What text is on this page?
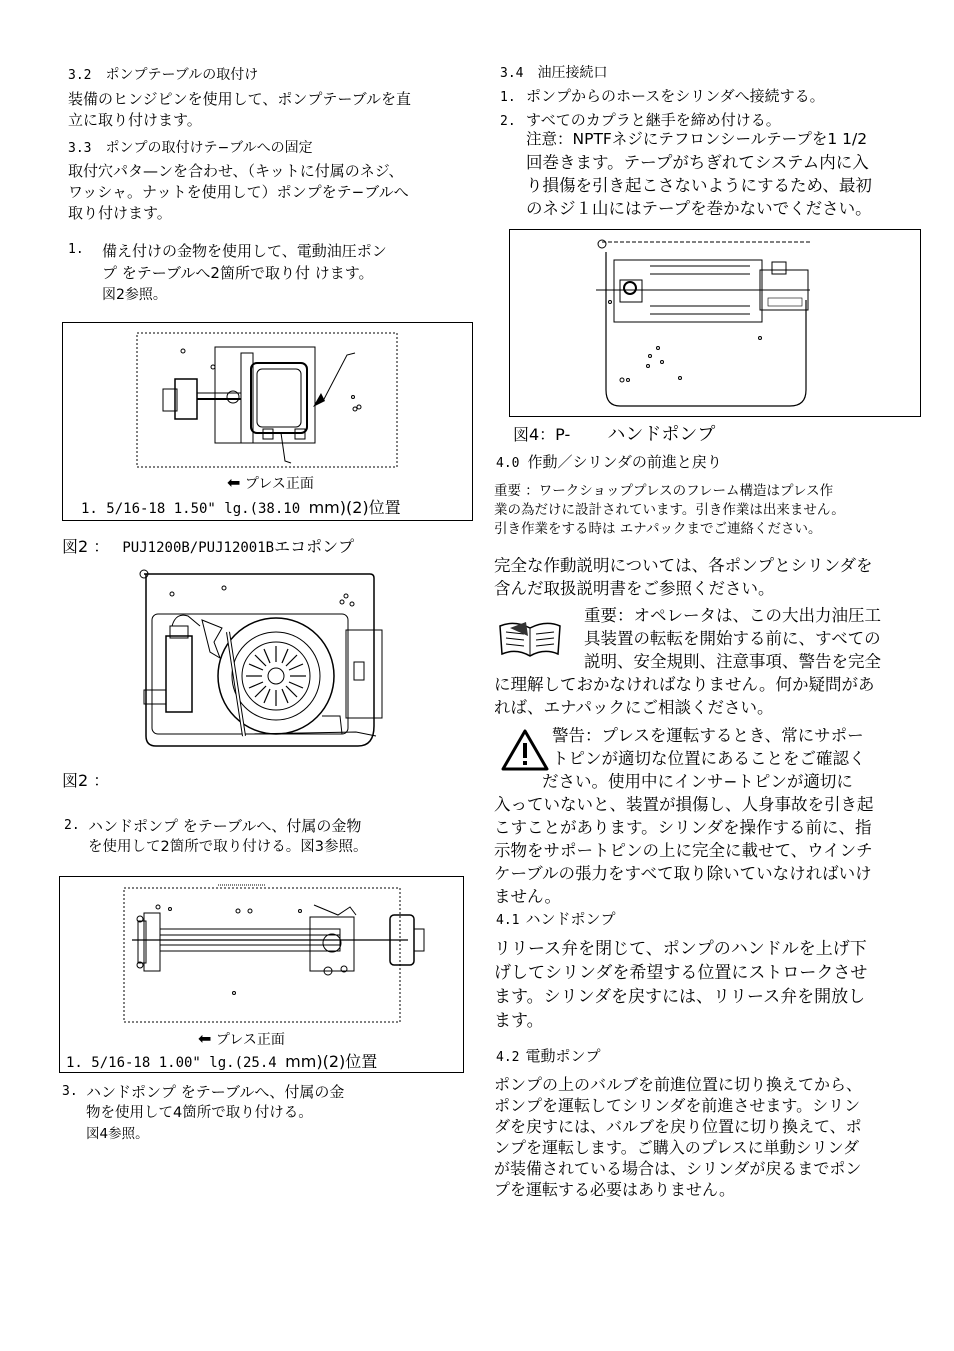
3.2 ポンプテーブルの取付け
装備のヒンジピンを使用して、ポンプテーブルを直
立に取り付けます。
3.3 ポンプの取付けテ−ブルへの固定
取付穴パタ—ンを合わせ、（キットに付属のネジ、
ワッシャ。ナットを使用して）ポンプをテ−ブルへ
取り付けます。
1. 備え付けの金物を使用して、電動油圧ポン
プ をテーブルへ2箇所で取り付 けます。
図2参照。
⬅ プレス正面
1. 5/16-18 1.50" lg.(38.10 mm)(2)位置
図2 ： PUJ1200B/PUJ12001Bエコポンプ
図2 ：
2. ハンドポンプ をテーブルへ、付属の金物
を使用して2箇所で取り付ける。図3参照。
⬅ プレス正面
1. 5/16-18 1.00" lg.(25.4 mm)(2)位置
3. ハンドポンプ をテーブルへ、付属の金
物を使用して4箇所で取り付ける。
図4参照。
3.4 油圧接続口
1. ポンプからのホースをシリンダへ接続する。
2. すべてのカプラと継手を締め付ける。
注意：NPTFネジにテフロンシールテープを1 1/2
回巻きます。テープがちぎれてシステム内に入
り損傷を引き起こさないようにするため、最初
のネジ１山にはテープを巻かないでください。
図4：P- ハンドポンプ
4.0 作動／シリンダの前進と戻り
重要 ：ワークショッププレスのフレーム構造はプレス作
業の為だけに設計されています。引き作業は出来ません。
引き作業をする時は エナパックまでご連絡ください。
完全な作動説明については、各ポンプとシリンダを
含んだ取扱説明書をご参照ください。
重要：オペレータは、この大出力油圧工
具装置の転転を開始する前に、すべての
説明、安全規則、注意事項、警告を完全
に理解しておかなければなりません。何か疑問があ
れば、エナパックにご相談ください。
警告：プレスを運転するとき、常にサポー
トピンが適切な位置にあることをご確認く
ださい。使用中にインサ−トピンが適切に
入っていないと、装置が損傷し、人身事故を引き起
こすことがあります。シリンダを操作する前に、指
示物をサポートピンの上に完全に載せて、ウインチ
ケーブルの張力をすべて取り除いていなければいけ
ません。
4.1 ハンドポンプ
リリース弁を閉じて、ポンプのハンドルを上げ下
げしてシリンダを希望する位置にストロークさせ
ます。シリンダを戻すには、リリース弁を開放し
ます。
4.2 電動ポンプ
ポンプの上のバルブを前進位置に切り換えてから、
ポンプを運転してシリンダを前進させます。シリン
ダを戻すには、バルブを戻り位置に切り換えて、ポ
ンプを運転します。ご購入のプレスに単動シリンダ
が装備されている場合は、シリンダが戻るまでポン
プを運転する必要はありません。
